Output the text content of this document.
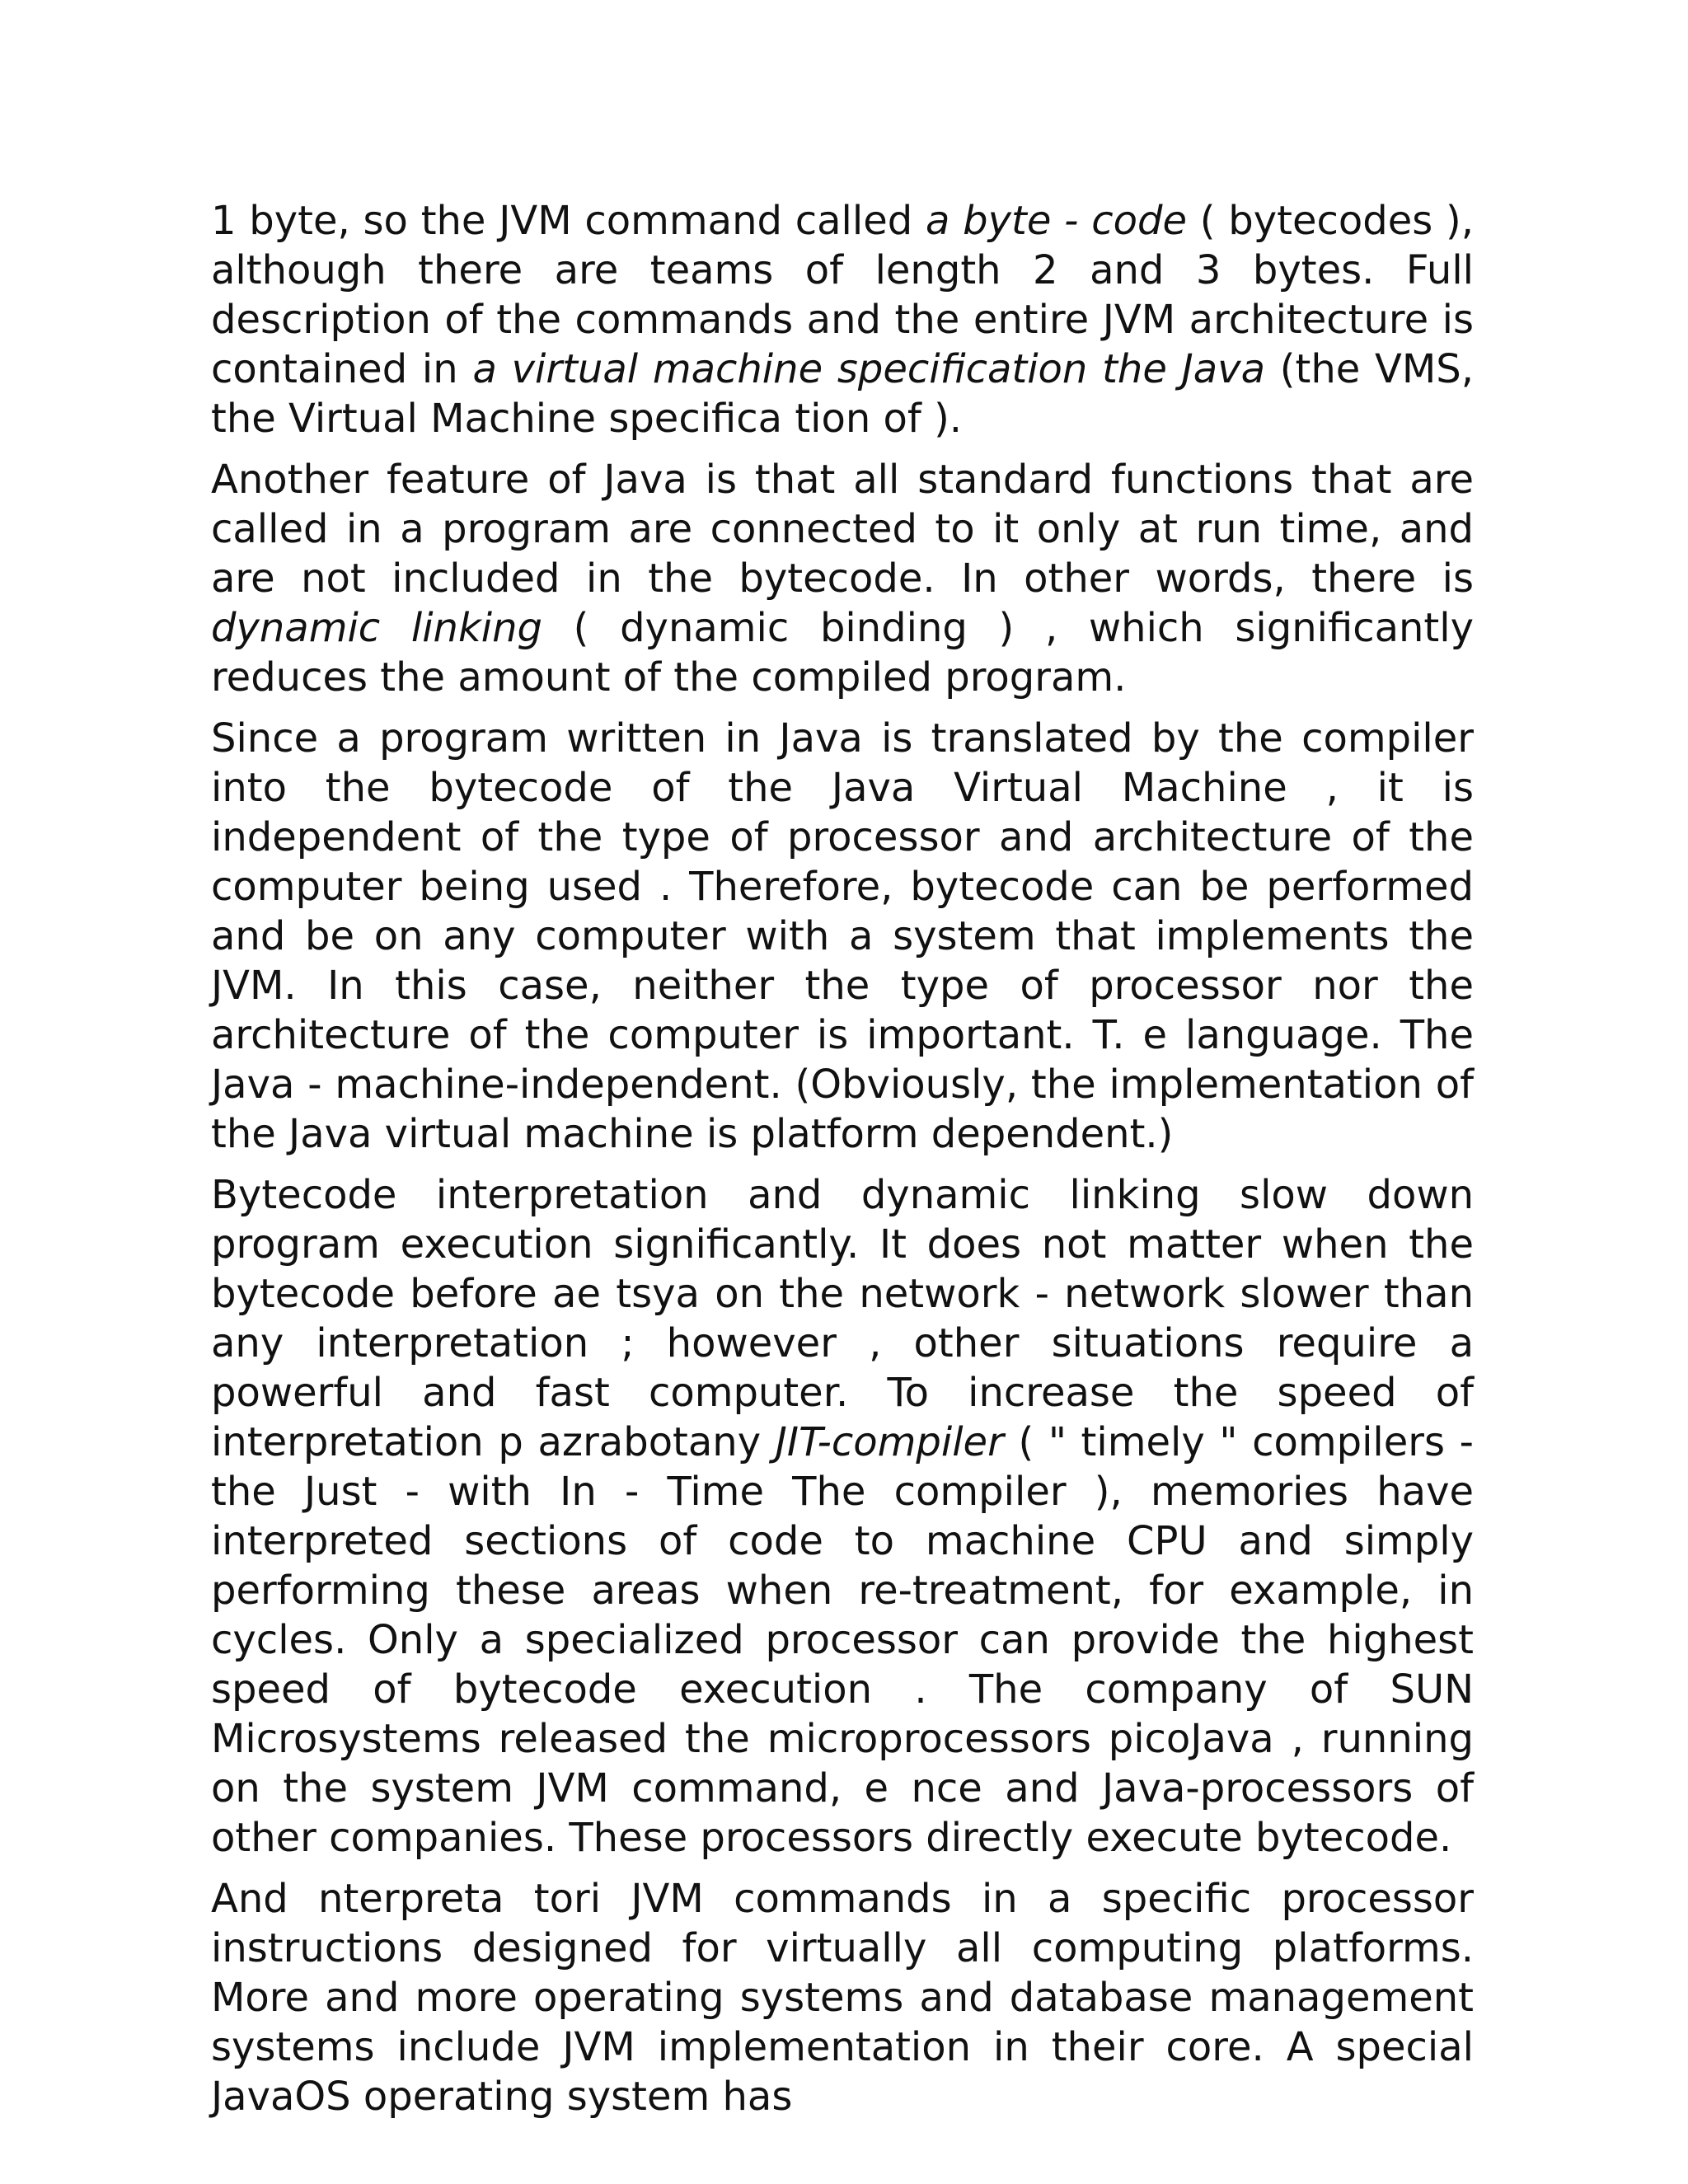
1 byte, so the JVM command called a byte - code ( bytecodes ), although there are teams of length 2 and 3 bytes. Full description of the commands and the entire JVM architecture is contained in a virtual machine specification the Java (the VMS, the Virtual Machine specifica tion of ).

Another feature of Java is that all standard functions that are called in a program are connected to it only at run time, and are not included in the bytecode. In other words, there is dynamic linking ( dynamic binding ) , which significantly reduces the amount of the compiled program.

Since a program written in Java is translated by the compiler into the bytecode of the Java Virtual Machine , it is independent of the type of processor and architecture of the computer being used . Therefore, bytecode can be performed and be on any computer with a system that implements the JVM. In this case, neither the type of processor nor the architecture of the computer is important. T. e language. The Java - machine-independent. (Obviously, the implementation of the Java virtual machine is platform dependent.)

Bytecode interpretation and dynamic linking slow down program execution significantly. It does not matter when the bytecode before ae tsya on the network - network slower than any interpretation ; however , other situations require a powerful and fast computer. To increase the speed of interpretation p azrabotany JIT-compiler ( " timely " compilers - the Just - with In - Time The compiler ), memories have interpreted sections of code to machine CPU and simply performing these areas when re-treatment, for example, in cycles. Only a specialized processor can provide the highest speed of bytecode execution . The company of SUN Microsystems released the microprocessors picoJava , running on the system JVM command, e nce and Java-processors of other companies. These processors directly execute bytecode.

And nterpreta tori JVM commands in a specific processor instructions designed for virtually all computing platforms. More and more operating systems and database management systems include JVM implementation in their core. A special JavaOS operating system has
